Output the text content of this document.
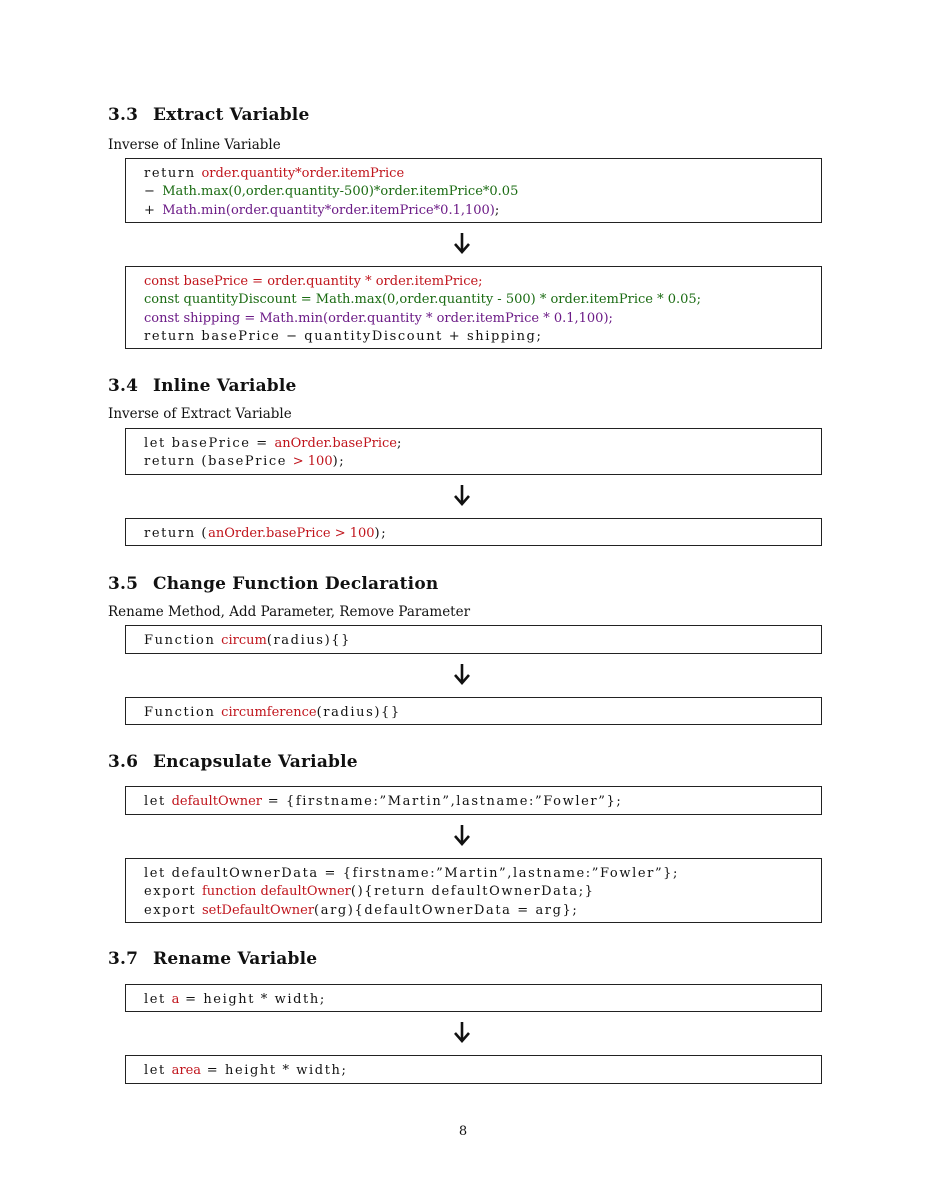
3.3 Extract Variable

Inverse of Inline Variable

return order.quantity*order.itemPrice
− Math.max(0,order.quantity-500)*order.itemPrice*0.05
+ Math.min(order.quantity*order.itemPrice*0.1,100);
const basePrice = order.quantity * order.itemPrice;
const quantityDiscount = Math.max(0,order.quantity - 500) * order.itemPrice * 0.05;
const shipping = Math.min(order.quantity * order.itemPrice * 0.1,100);
return basePrice − quantityDiscount + shipping;
3.4 Inline Variable

Inverse of Extract Variable

let basePrice = anOrder.basePrice;
return (basePrice > 100);
return (anOrder.basePrice > 100);
3.5 Change Function Declaration

Rename Method, Add Parameter, Remove Parameter

Function circum(radius){}
Function circumference(radius){}
3.6 Encapsulate Variable
let defaultOwner = {firstname:”Martin”,lastname:”Fowler”};
let defaultOwnerData = {firstname:”Martin”,lastname:”Fowler”};
export function defaultOwner(){return defaultOwnerData;}
export setDefaultOwner(arg){defaultOwnerData = arg};
3.7 Rename Variable
let a = height * width;
let area = height * width;
8
